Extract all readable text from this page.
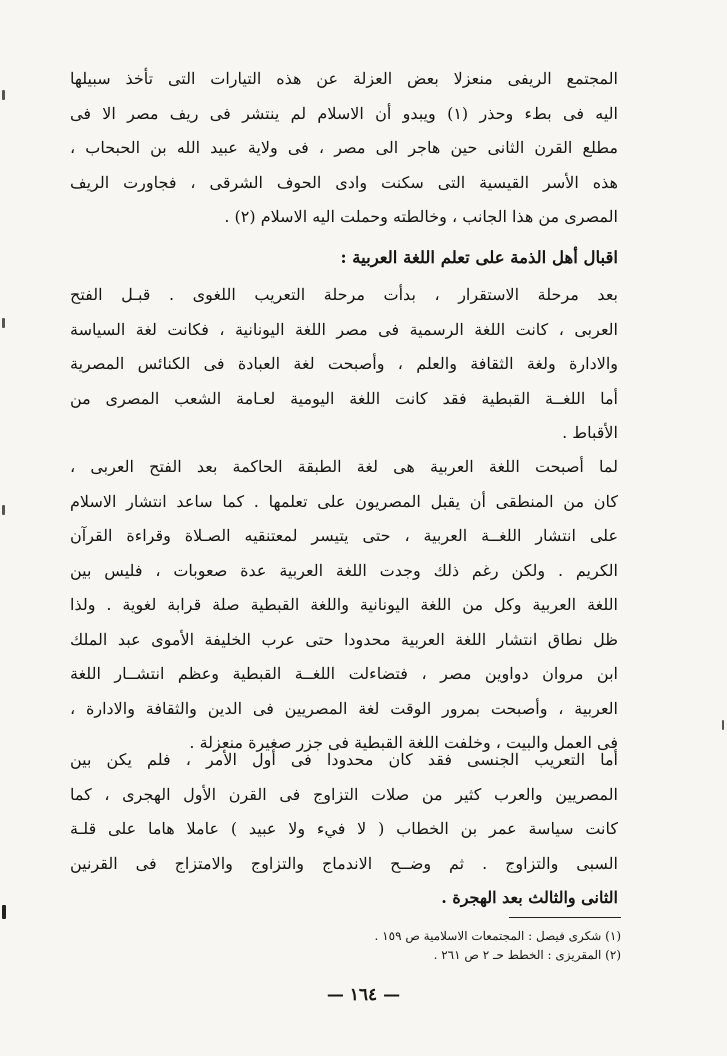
المجتمع الريفى منعزلا بعض العزلة عن هذه التيارات التى تأخذ سبيلها
اليه فى بطء وحذر (١) ويبدو أن الاسلام لم ينتشر فى ريف مصر الا فى
مطلع القرن الثانى حين هاجر الى مصر ، فى ولاية عبيد الله بن الحبحاب ،
هذه الأسر القيسية التى سكنت وادى الحوف الشرقى ، فجاورت الريف
المصرى من هذا الجانب ، وخالطته وحملت اليه الاسلام (٢) .
اقبال أهل الذمة على تعلم اللغة العربية :
بعد مرحلة الاستقرار ، بدأت مرحلة التعريب اللغوى . قبـل الفتح
العربى ، كانت اللغة الرسمية فى مصر اللغة اليونانية ، فكانت لغة السياسة
والادارة ولغة الثقافة والعلم ، وأصبحت لغة العبادة فى الكنائس المصرية
أما اللغــة القبطية فقد كانت اللغة اليومية لعـامة الشعب المصرى من
الأقباط .
لما أصبحت اللغة العربية هى لغة الطبقة الحاكمة بعد الفتح العربى ،
كان من المنطقى أن يقبل المصريون على تعلمها . كما ساعد انتشار الاسلام
على انتشار اللغــة العربية ، حتى يتيسر لمعتنقيه الصـلاة وقراءة القرآن
الكريم . ولكن رغم ذلك وجدت اللغة العربية عدة صعوبات ، فليس بين
اللغة العربية وكل من اللغة اليونانية واللغة القبطية صلة قرابة لغوية . ولذا
ظل نطاق انتشار اللغة العربية محدودا حتى عرب الخليفة الأموى عبد الملك
ابن مروان دواوين مصر ، فتضاءلت اللغــة القبطية وعظم انتشــار اللغة
العربية ، وأصبحت بمرور الوقت لغة المصريين فى الدين والثقافة والادارة ،
فى العمل والبيت ، وخلفت اللغة القبطية فى جزر صغيرة منعزلة .
أما التعريب الجنسى فقد كان محدودا فى أول الأمر ، فلم يكن بين
المصريين والعرب كثير من صلات التزاوج فى القرن الأول الهجرى ، كما
كانت سياسة عمر بن الخطاب ( لا فيء ولا عبيد ) عاملا هاما على قلـة
السبى والتزاوج . ثم وضــح الاندماج والتزاوج والامتزاج فى القرنين
الثانى والثالث بعد الهجرة .
(١) شكرى فيصل : المجتمعات الاسلامية ص ١٥٩ .
(٢) المقريزى : الخطط حـ ٢ ص ٢٦١ .
— ١٦٤ —
